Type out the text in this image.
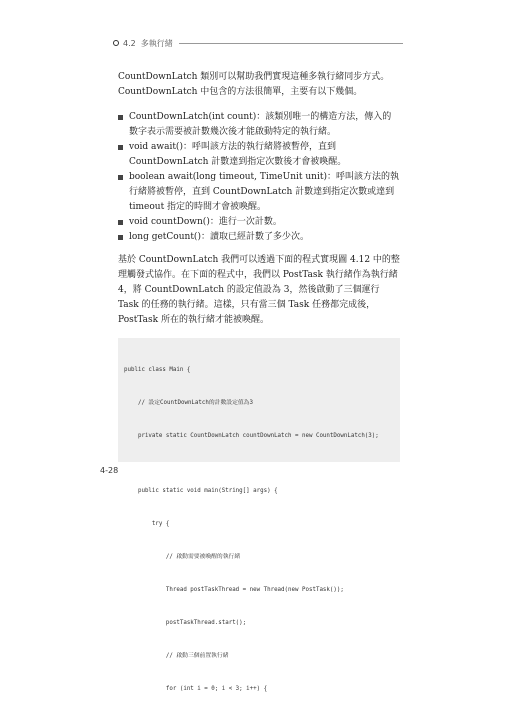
4.2 多執行緒

CountDownLatch 類別可以幫助我們實現這種多執行緒同步方式。CountDownLatch 中包含的方法很簡單，主要有以下幾個。

CountDownLatch(int count)：該類別唯一的構造方法，傳入的數字表示需要被計數幾次後才能啟動特定的執行緒。
void await()：呼叫該方法的執行緒將被暫停，直到 CountDownLatch 計數達到指定次數後才會被喚醒。
boolean await(long timeout, TimeUnit unit)：呼叫該方法的執行緒將被暫停，直到 CountDownLatch 計數達到指定次數或達到 timeout 指定的時間才會被喚醒。
void countDown()：進行一次計數。
long getCount()：讀取已經計數了多少次。

基於 CountDownLatch 我們可以透過下面的程式實現圖 4.12 中的整理觸發式協作。在下面的程式中，我們以 PostTask 執行緒作為執行緒 4，將 CountDownLatch 的設定值設為 3，然後啟動了三個運行 Task 的任務的執行緒。這樣，只有當三個 Task 任務都完成後，PostTask 所在的執行緒才能被喚醒。

public class Main {

// 設定CountDownLatch的計數設定值為3

private static CountDownLatch countDownLatch = new CountDownLatch(3);

public static void main(String[] args) {

try {

// 啟動需要被喚醒的執行緒

Thread postTaskThread = new Thread(new PostTask());

postTaskThread.start();

// 啟動三個前置執行緒

for (int i = 0; i < 3; i++) {

4-28
